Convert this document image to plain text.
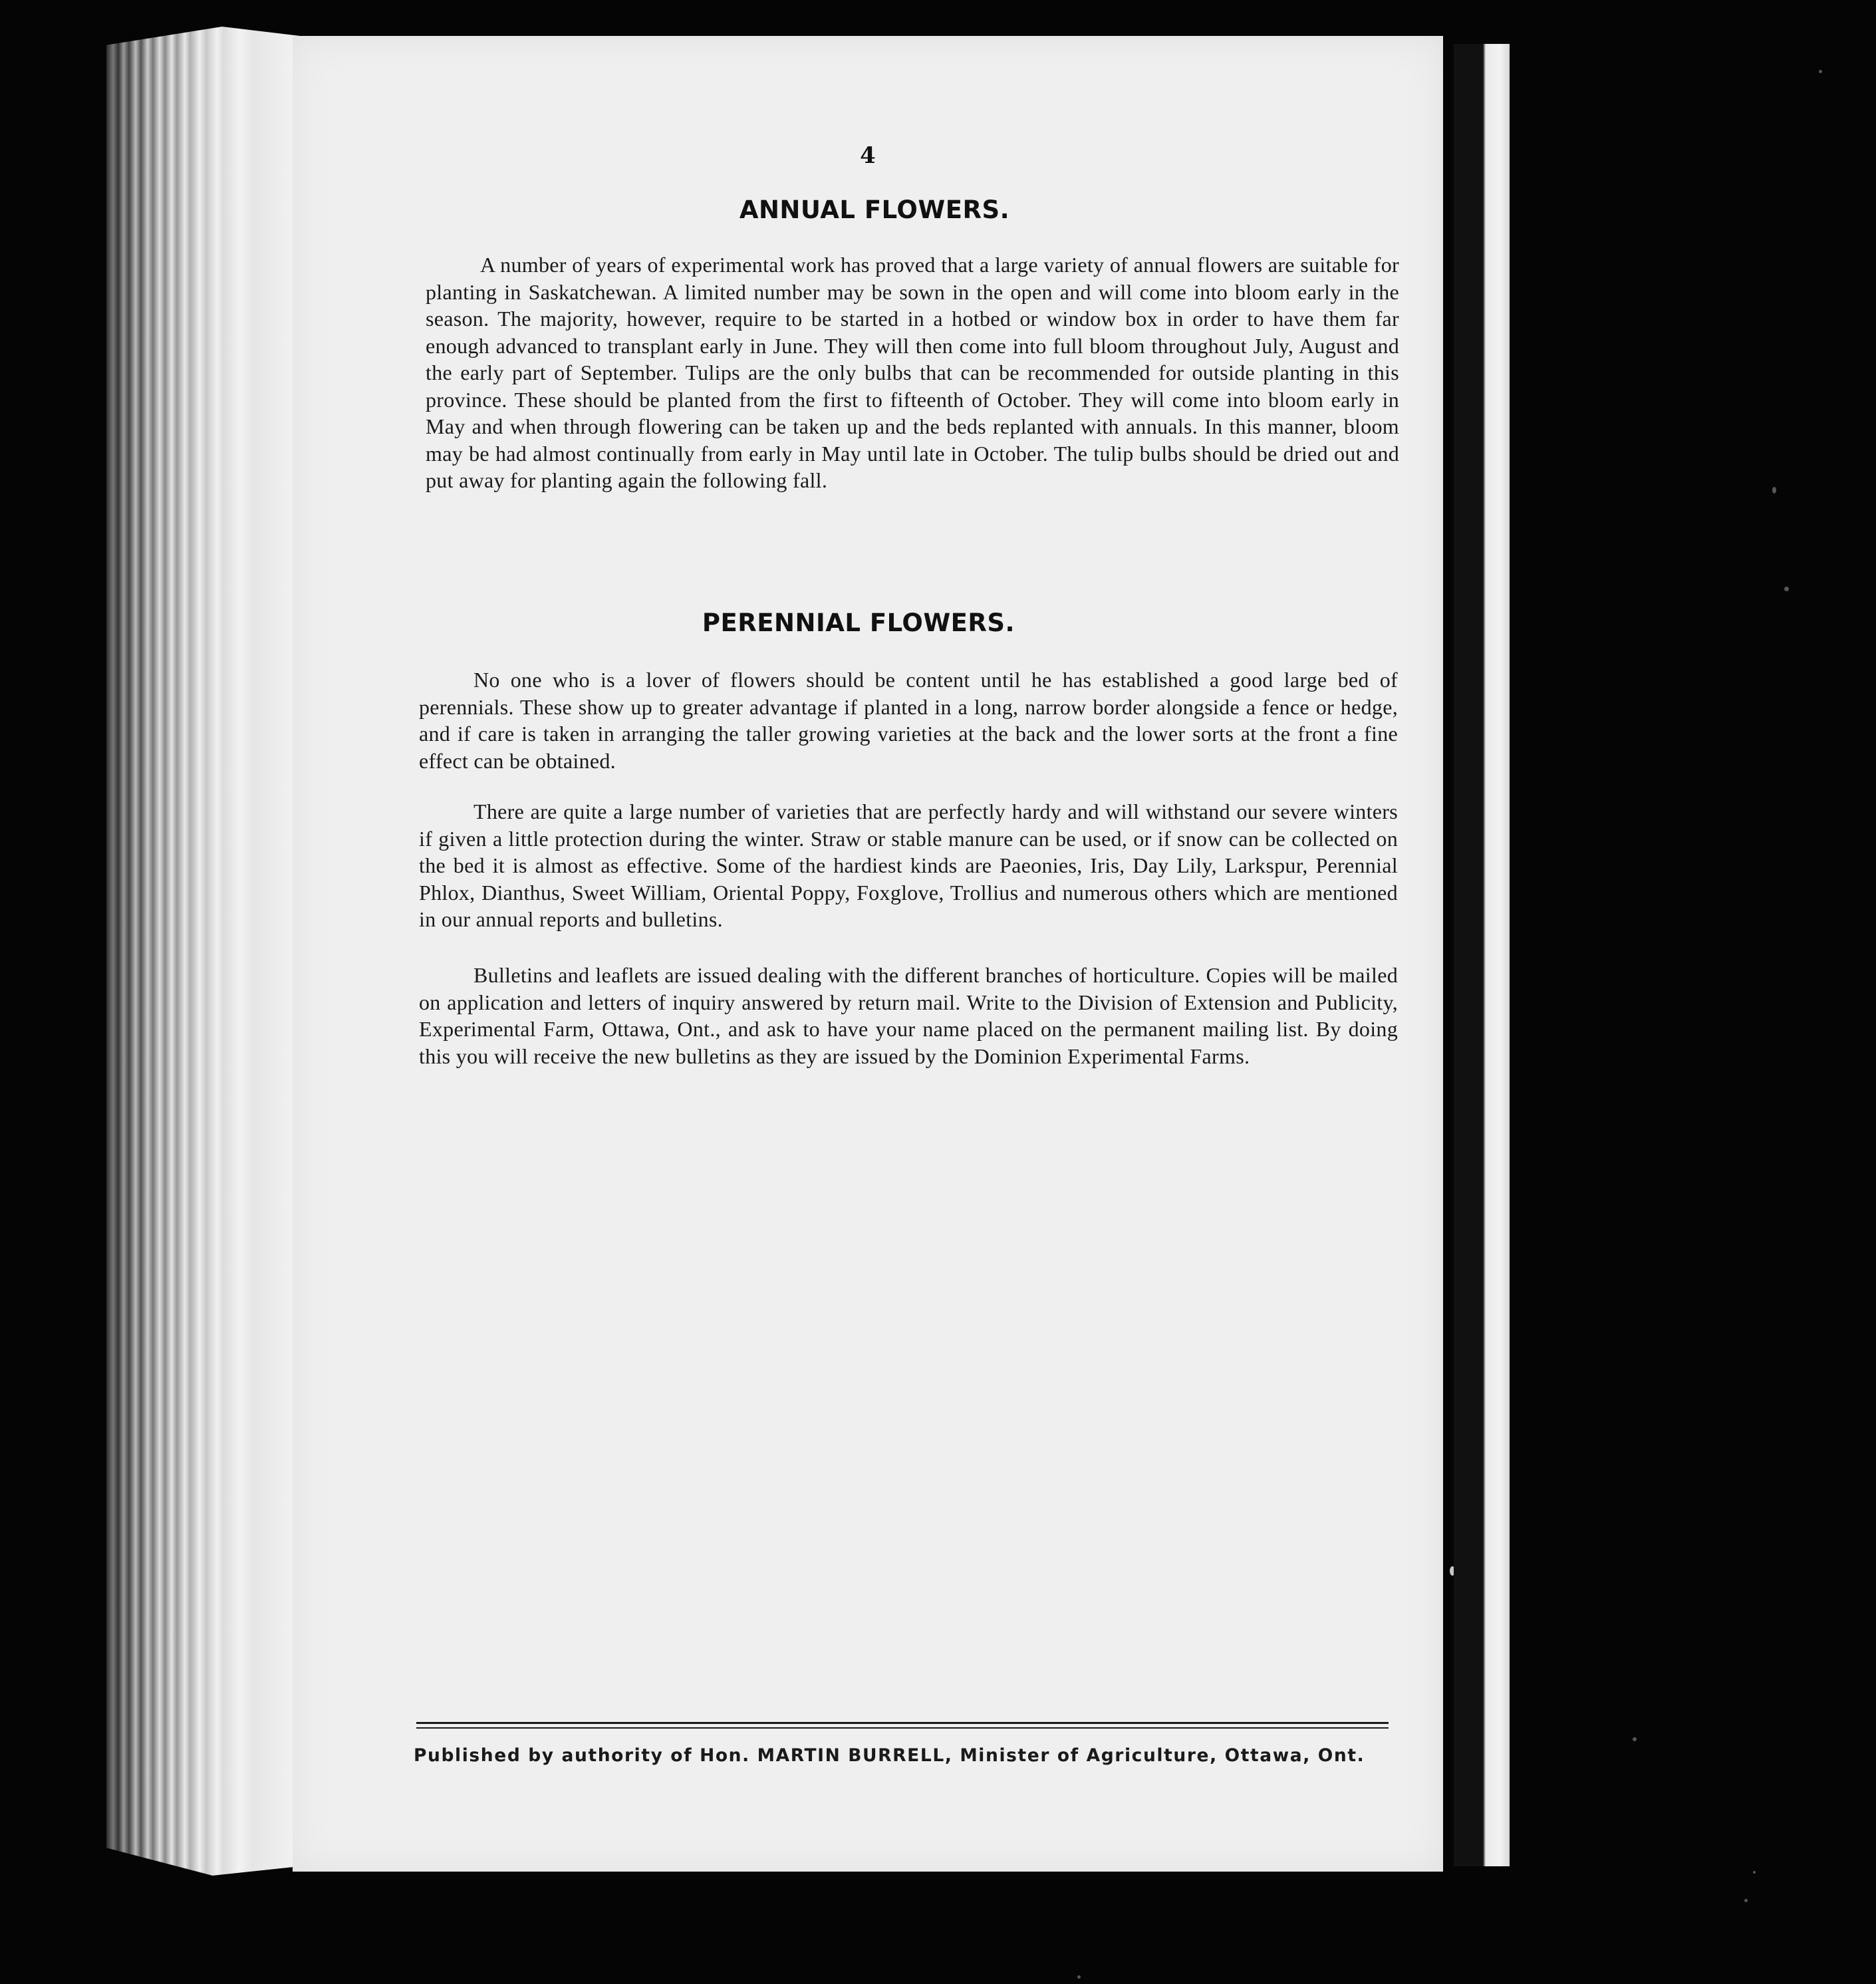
4
ANNUAL FLOWERS.
A number of years of experimental work has proved that a large variety of annual flowers are suitable for planting in Saskatchewan. A limited number may be sown in the open and will come into bloom early in the season. The majority, however, require to be started in a hotbed or window box in order to have them far enough advanced to transplant early in June. They will then come into full bloom throughout July, August and the early part of September. Tulips are the only bulbs that can be recommended for outside planting in this province. These should be planted from the first to fifteenth of October. They will come into bloom early in May and when through flowering can be taken up and the beds replanted with annuals. In this manner, bloom may be had almost continually from early in May until late in October. The tulip bulbs should be dried out and put away for planting again the following fall.
PERENNIAL FLOWERS.
No one who is a lover of flowers should be content until he has established a good large bed of perennials. These show up to greater advantage if planted in a long, narrow border alongside a fence or hedge, and if care is taken in arranging the taller growing varieties at the back and the lower sorts at the front a fine effect can be obtained.
There are quite a large number of varieties that are perfectly hardy and will withstand our severe winters if given a little protection during the winter. Straw or stable manure can be used, or if snow can be collected on the bed it is almost as effective. Some of the hardiest kinds are Paeonies, Iris, Day Lily, Larkspur, Perennial Phlox, Dianthus, Sweet William, Oriental Poppy, Foxglove, Trollius and numerous others which are mentioned in our annual reports and bulletins.
Bulletins and leaflets are issued dealing with the different branches of horticulture. Copies will be mailed on application and letters of inquiry answered by return mail. Write to the Division of Extension and Publicity, Experimental Farm, Ottawa, Ont., and ask to have your name placed on the permanent mailing list. By doing this you will receive the new bulletins as they are issued by the Dominion Experimental Farms.
Published by authority of Hon. MARTIN BURRELL, Minister of Agriculture, Ottawa, Ont.
